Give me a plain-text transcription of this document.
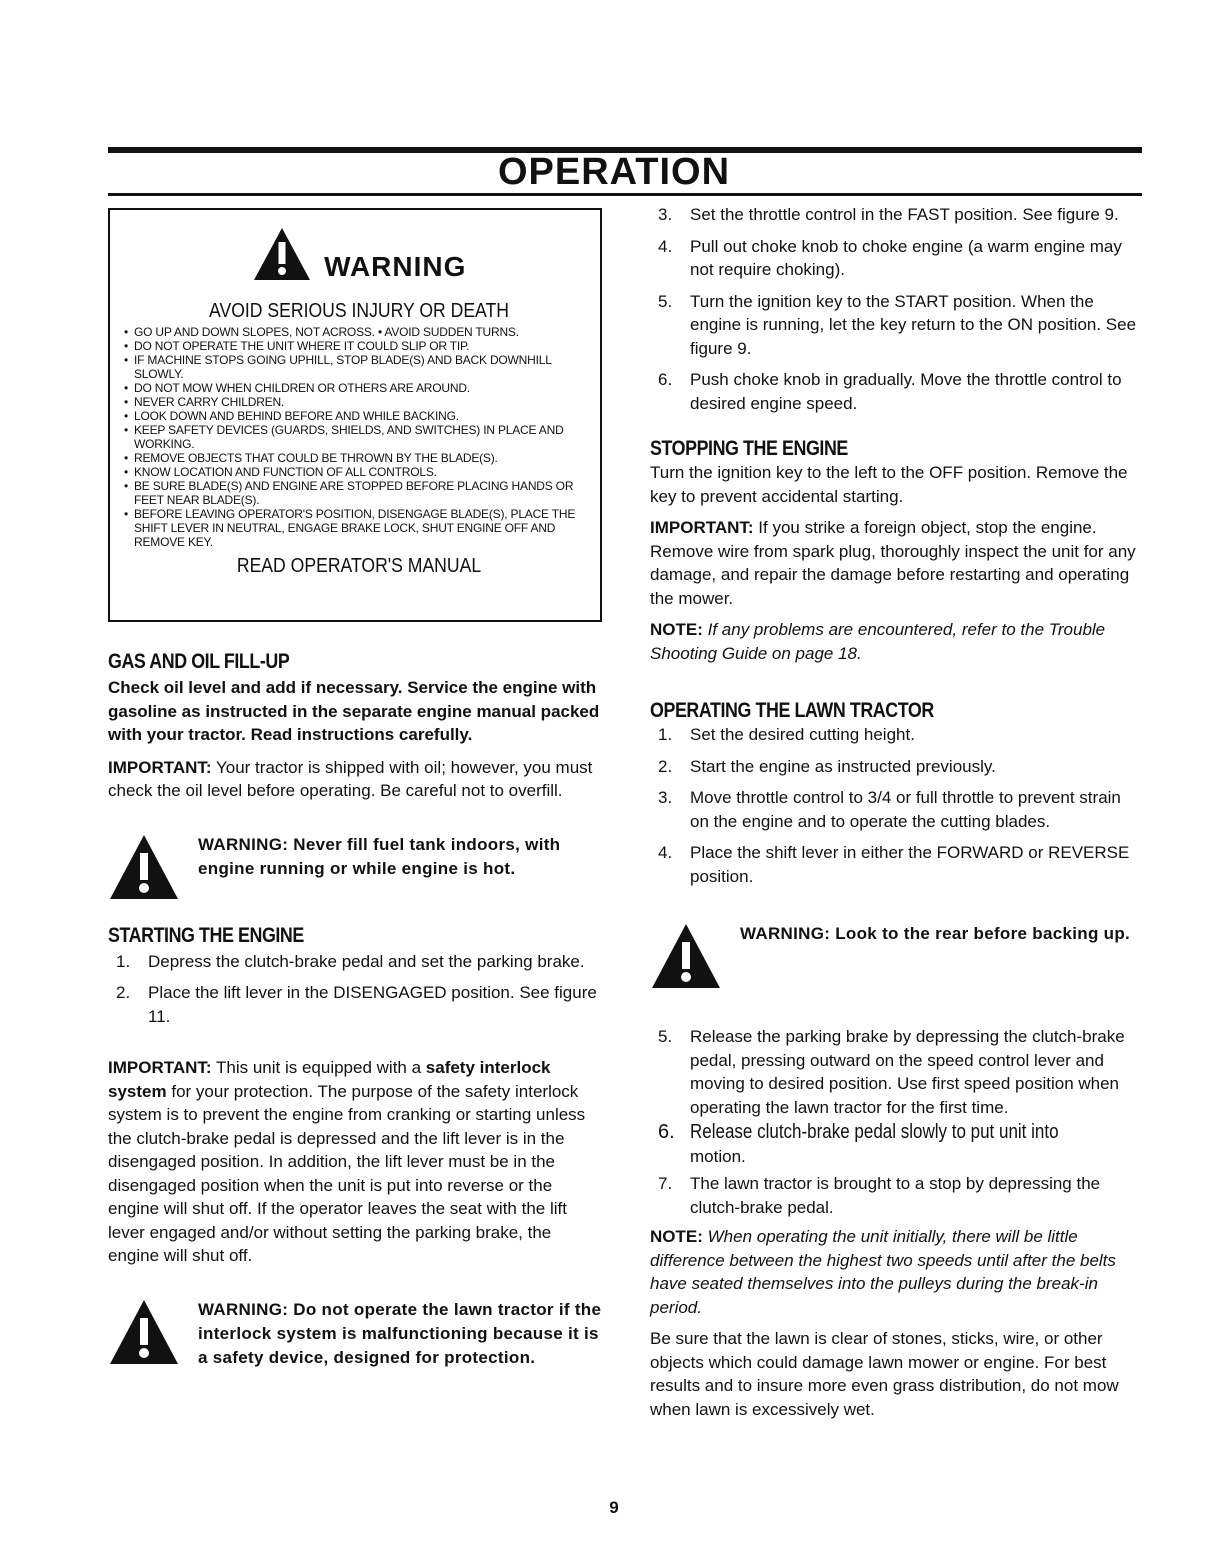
OPERATION
WARNING
AVOID SERIOUS INJURY OR DEATH
• GO UP AND DOWN SLOPES, NOT ACROSS. • AVOID SUDDEN TURNS.
• DO NOT OPERATE THE UNIT WHERE IT COULD SLIP OR TIP.
• IF MACHINE STOPS GOING UPHILL, STOP BLADE(S) AND BACK DOWNHILL SLOWLY.
• DO NOT MOW WHEN CHILDREN OR OTHERS ARE AROUND.
• NEVER CARRY CHILDREN.
• LOOK DOWN AND BEHIND BEFORE AND WHILE BACKING.
• KEEP SAFETY DEVICES (GUARDS, SHIELDS, AND SWITCHES) IN PLACE AND WORKING.
• REMOVE OBJECTS THAT COULD BE THROWN BY THE BLADE(S).
• KNOW LOCATION AND FUNCTION OF ALL CONTROLS.
• BE SURE BLADE(S) AND ENGINE ARE STOPPED BEFORE PLACING HANDS OR FEET NEAR BLADE(S).
• BEFORE LEAVING OPERATOR'S POSITION, DISENGAGE BLADE(S), PLACE THE SHIFT LEVER IN NEUTRAL, ENGAGE BRAKE LOCK, SHUT ENGINE OFF AND REMOVE KEY.
READ OPERATOR'S MANUAL
GAS AND OIL FILL-UP

Check oil level and add if necessary. Service the engine with gasoline as instructed in the separate engine manual packed with your tractor. Read instructions carefully.

IMPORTANT: Your tractor is shipped with oil; however, you must check the oil level before operating. Be careful not to overfill.

WARNING: Never fill fuel tank indoors, with engine running or while engine is hot.

STARTING THE ENGINE
1. Depress the clutch-brake pedal and set the parking brake.
2. Place the lift lever in the DISENGAGED position. See figure 11.

IMPORTANT: This unit is equipped with a safety interlock system for your protection. The purpose of the safety interlock system is to prevent the engine from cranking or starting unless the clutch-brake pedal is depressed and the lift lever is in the disengaged position. In addition, the lift lever must be in the disengaged position when the unit is put into reverse or the engine will shut off. If the operator leaves the seat with the lift lever engaged and/or without setting the parking brake, the engine will shut off.

WARNING: Do not operate the lawn tractor if the interlock system is malfunctioning because it is a safety device, designed for protection.

3. Set the throttle control in the FAST position. See figure 9.
4. Pull out choke knob to choke engine (a warm engine may not require choking).
5. Turn the ignition key to the START position. When the engine is running, let the key return to the ON position. See figure 9.
6. Push choke knob in gradually. Move the throttle control to desired engine speed.
STOPPING THE ENGINE

Turn the ignition key to the left to the OFF position. Remove the key to prevent accidental starting.

IMPORTANT: If you strike a foreign object, stop the engine. Remove wire from spark plug, thoroughly inspect the unit for any damage, and repair the damage before restarting and operating the mower.

NOTE: If any problems are encountered, refer to the Trouble Shooting Guide on page 18.

OPERATING THE LAWN TRACTOR
1. Set the desired cutting height.
2. Start the engine as instructed previously.
3. Move throttle control to 3/4 or full throttle to prevent strain on the engine and to operate the cutting blades.
4. Place the shift lever in either the FORWARD or REVERSE position.

WARNING: Look to the rear before backing up.

5. Release the parking brake by depressing the clutch-brake pedal, pressing outward on the speed control lever and moving to desired position. Use first speed position when operating the lawn tractor for the first time.
6. Release clutch-brake pedal slowly to put unit into
motion.
7. The lawn tractor is brought to a stop by depressing the clutch-brake pedal.

NOTE: When operating the unit initially, there will be little difference between the highest two speeds until after the belts have seated themselves into the pulleys during the break-in period.

Be sure that the lawn is clear of stones, sticks, wire, or other objects which could damage lawn mower or engine. For best results and to insure more even grass distribution, do not mow when lawn is excessively wet.

9
